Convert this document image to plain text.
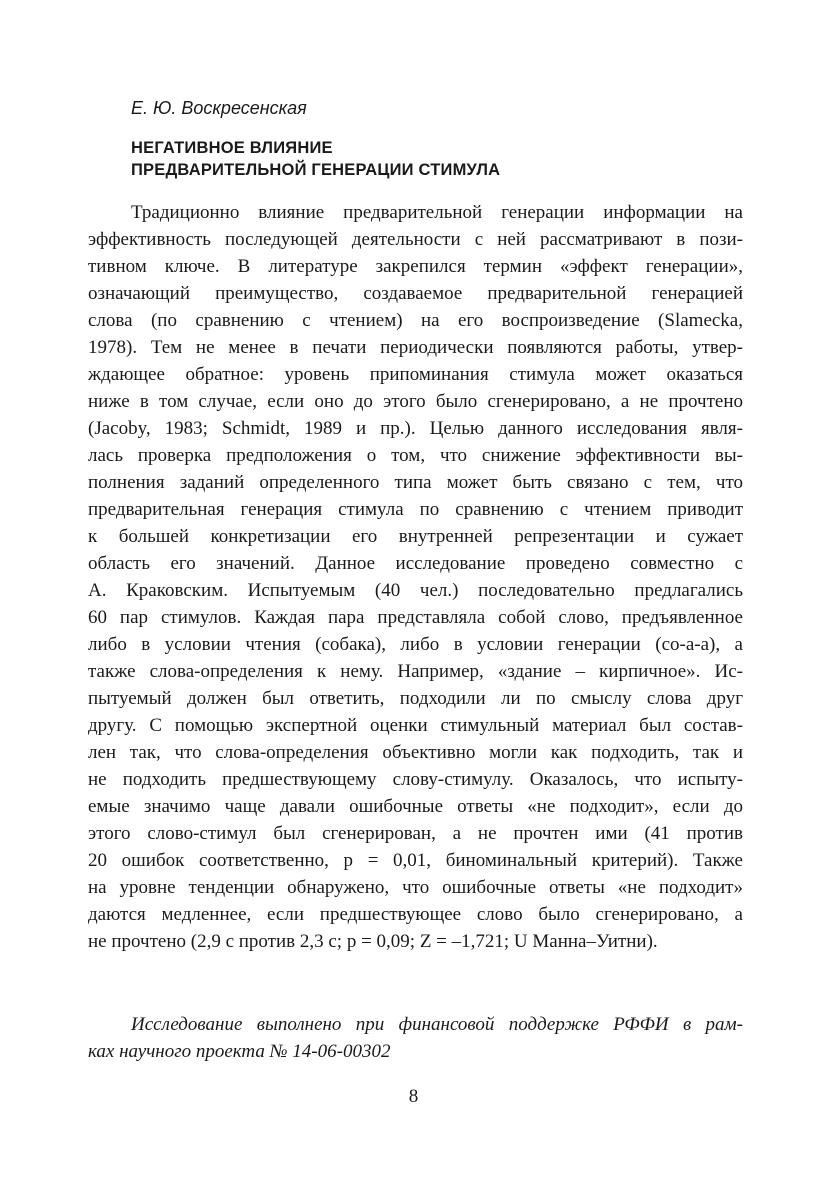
Е. Ю. Воскресенская
НЕГАТИВНОЕ ВЛИЯНИЕ
ПРЕДВАРИТЕЛЬНОЙ ГЕНЕРАЦИИ СТИМУЛА
Традиционно влияние предварительной генерации информации на
эффективность последующей деятельности с ней рассматривают в пози-
тивном ключе. В литературе закрепился термин «эффект генерации»,
означающий преимущество, создаваемое предварительной генерацией
слова (по сравнению с чтением) на его воспроизведение (Slamecka,
1978). Тем не менее в печати периодически появляются работы, утвер-
ждающее обратное: уровень припоминания стимула может оказаться
ниже в том случае, если оно до этого было сгенерировано, а не прочтено
(Jacoby, 1983; Schmidt, 1989 и пр.). Целью данного исследования явля-
лась проверка предположения о том, что снижение эффективности вы-
полнения заданий определенного типа может быть связано с тем, что
предварительная генерация стимула по сравнению с чтением приводит
к большей конкретизации его внутренней репрезентации и сужает
область его значений. Данное исследование проведено совместно с
А. Краковским. Испытуемым (40 чел.) последовательно предлагались
60 пар стимулов. Каждая пара представляла собой слово, предъявленное
либо в условии чтения (собака), либо в условии генерации (со-а-а), а
также слова-определения к нему. Например, «здание – кирпичное». Ис-
пытуемый должен был ответить, подходили ли по смыслу слова друг
другу. С помощью экспертной оценки стимульный материал был состав-
лен так, что слова-определения объективно могли как подходить, так и
не подходить предшествующему слову-стимулу. Оказалось, что испыту-
емые значимо чаще давали ошибочные ответы «не подходит», если до
этого слово-стимул был сгенерирован, а не прочтен ими (41 против
20 ошибок соответственно, p = 0,01, биноминальный критерий). Также
на уровне тенденции обнаружено, что ошибочные ответы «не подходит»
даются медленнее, если предшествующее слово было сгенерировано, а
не прочтено (2,9 с против 2,3 с; p = 0,09; Z = –1,721; U Манна–Уитни).
Исследование выполнено при финансовой поддержке РФФИ в рам-
ках научного проекта № 14-06-00302
8
